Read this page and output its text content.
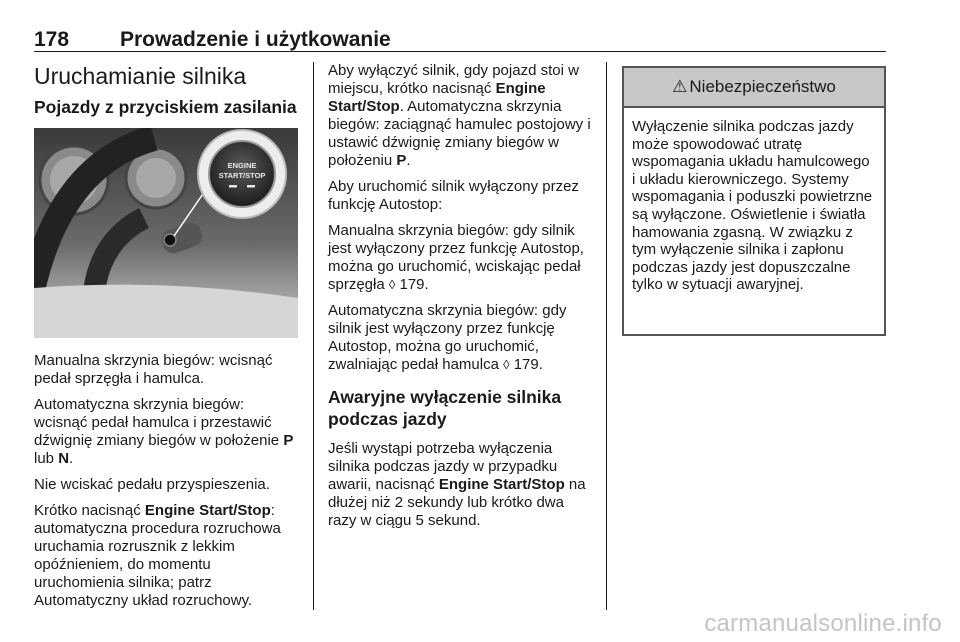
178 Prowadzenie i użytkowanie
Uruchamianie silnika
Pojazdy z przyciskiem zasilania
ENGINE
START/STOP

Manualna skrzynia biegów: wcisnąć pedał sprzęgła i hamulca.

Automatyczna skrzynia biegów: wcisnąć pedał hamulca i przestawić dźwignię zmiany biegów w położenie P lub N.

Nie wciskać pedału przyspieszenia.

Krótko nacisnąć Engine Start/Stop: automatyczna procedura rozruchowa uruchamia rozrusznik z lekkim opóźnieniem, do momentu uruchomienia silnika; patrz Automatyczny układ rozruchowy.

Aby wyłączyć silnik, gdy pojazd stoi w miejscu, krótko nacisnąć Engine Start/Stop. Automatyczna skrzynia biegów: zaciągnąć hamulec postojowy i ustawić dźwignię zmiany biegów w położeniu P.

Aby uruchomić silnik wyłączony przez funkcję Autostop:

Manualna skrzynia biegów: gdy silnik jest wyłączony przez funkcję Autostop, można go uruchomić, wciskając pedał sprzęgła ◊ 179.

Automatyczna skrzynia biegów: gdy silnik jest wyłączony przez funkcję Autostop, można go uruchomić, zwalniając pedał hamulca ◊ 179.

Awaryjne wyłączenie silnika podczas jazdy

Jeśli wystąpi potrzeba wyłączenia silnika podczas jazdy w przypadku awarii, nacisnąć Engine Start/Stop na dłużej niż 2 sekundy lub krótko dwa razy w ciągu 5 sekund.

⚠ Niebezpieczeństwo

Wyłączenie silnika podczas jazdy może spowodować utratę wspomagania układu hamulcowego i układu kierowniczego. Systemy wspomagania i poduszki powietrzne są wyłączone. Oświetlenie i światła hamowania zgasną. W związku z tym wyłączenie silnika i zapłonu podczas jazdy jest dopuszczalne tylko w sytuacji awaryjnej.

carmanualsonline.info
